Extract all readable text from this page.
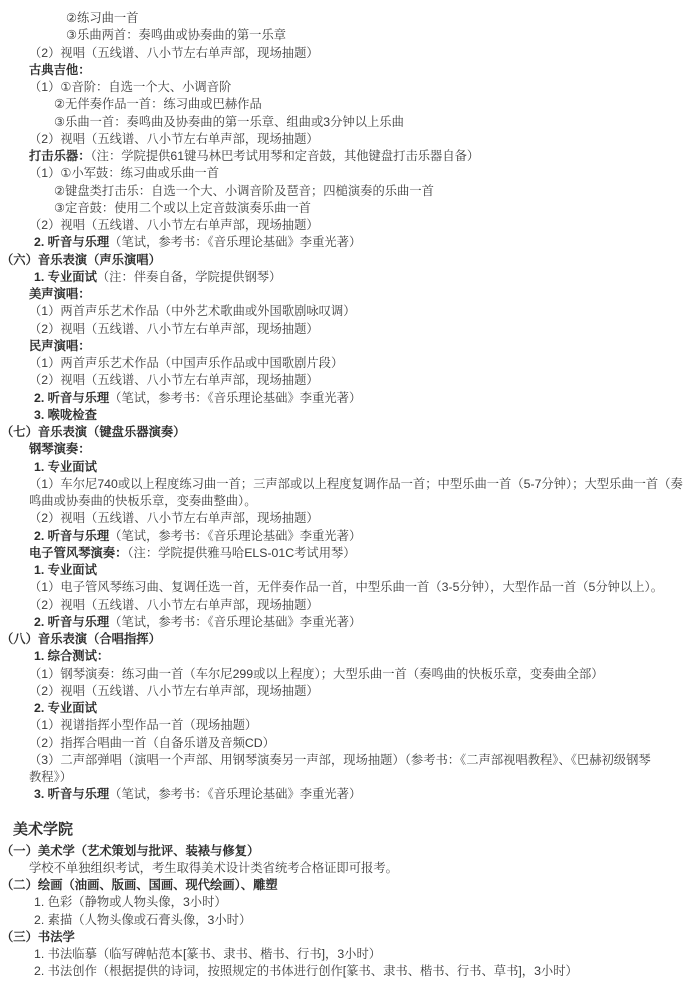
②练习曲一首
③乐曲两首：奏鸣曲或协奏曲的第一乐章
（2）视唱（五线谱、八小节左右单声部，现场抽题）
古典吉他：
（1）①音阶：自选一个大、小调音阶
②无伴奏作品一首：练习曲或巴赫作品
③乐曲一首：奏鸣曲及协奏曲的第一乐章、组曲或3分钟以上乐曲
（2）视唱（五线谱、八小节左右单声部，现场抽题）
打击乐器：（注：学院提供61键马林巴考试用琴和定音鼓，其他键盘打击乐器自备）
（1）①小军鼓：练习曲或乐曲一首
②键盘类打击乐：自选一个大、小调音阶及琶音；四槌演奏的乐曲一首
③定音鼓：使用二个或以上定音鼓演奏乐曲一首
（2）视唱（五线谱、八小节左右单声部，现场抽题）
2. 听音与乐理（笔试，参考书：《音乐理论基础》李重光著）
（六）音乐表演（声乐演唱）
1. 专业面试（注：伴奏自备，学院提供钢琴）
美声演唱：
（1）两首声乐艺术作品（中外艺术歌曲或外国歌剧咏叹调）
（2）视唱（五线谱、八小节左右单声部，现场抽题）
民声演唱：
（1）两首声乐艺术作品（中国声乐作品或中国歌剧片段）
（2）视唱（五线谱、八小节左右单声部，现场抽题）
2. 听音与乐理（笔试，参考书：《音乐理论基础》李重光著）
3. 喉咙检查
（七）音乐表演（键盘乐器演奏）
钢琴演奏：
1. 专业面试
（1）车尔尼740或以上程度练习曲一首；三声部或以上程度复调作品一首；中型乐曲一首（5-7分钟）；大型乐曲一首（奏
鸣曲或协奏曲的快板乐章，变奏曲整曲）。
（2）视唱（五线谱、八小节左右单声部，现场抽题）
2. 听音与乐理（笔试，参考书：《音乐理论基础》李重光著）
电子管风琴演奏：（注：学院提供雅马哈ELS-01C考试用琴）
1. 专业面试
（1）电子管风琴练习曲、复调任选一首，无伴奏作品一首，中型乐曲一首（3-5分钟），大型作品一首（5分钟以上）。
（2）视唱（五线谱、八小节左右单声部，现场抽题）
2. 听音与乐理（笔试，参考书：《音乐理论基础》李重光著）
（八）音乐表演（合唱指挥）
1. 综合测试：
（1）钢琴演奏：练习曲一首（车尔尼299或以上程度）；大型乐曲一首（奏鸣曲的快板乐章，变奏曲全部）
（2）视唱（五线谱、八小节左右单声部，现场抽题）
2. 专业面试
（1）视谱指挥小型作品一首（现场抽题）
（2）指挥合唱曲一首（自备乐谱及音频CD）
（3）二声部弹唱（演唱一个声部、用钢琴演奏另一声部，现场抽题）（参考书：《二声部视唱教程》、《巴赫初级钢琴
教程》）
3. 听音与乐理（笔试，参考书：《音乐理论基础》李重光著）
美术学院
（一）美术学（艺术策划与批评、装裱与修复）
学校不单独组织考试，考生取得美术设计类省统考合格证即可报考。
（二）绘画（油画、版画、国画、现代绘画）、雕塑
1. 色彩（静物或人物头像，3小时）
2. 素描（人物头像或石膏头像，3小时）
（三）书法学
1. 书法临摹（临写碑帖范本[篆书、隶书、楷书、行书]，3小时）
2. 书法创作（根据提供的诗词，按照规定的书体进行创作[篆书、隶书、楷书、行书、草书]，3小时）
